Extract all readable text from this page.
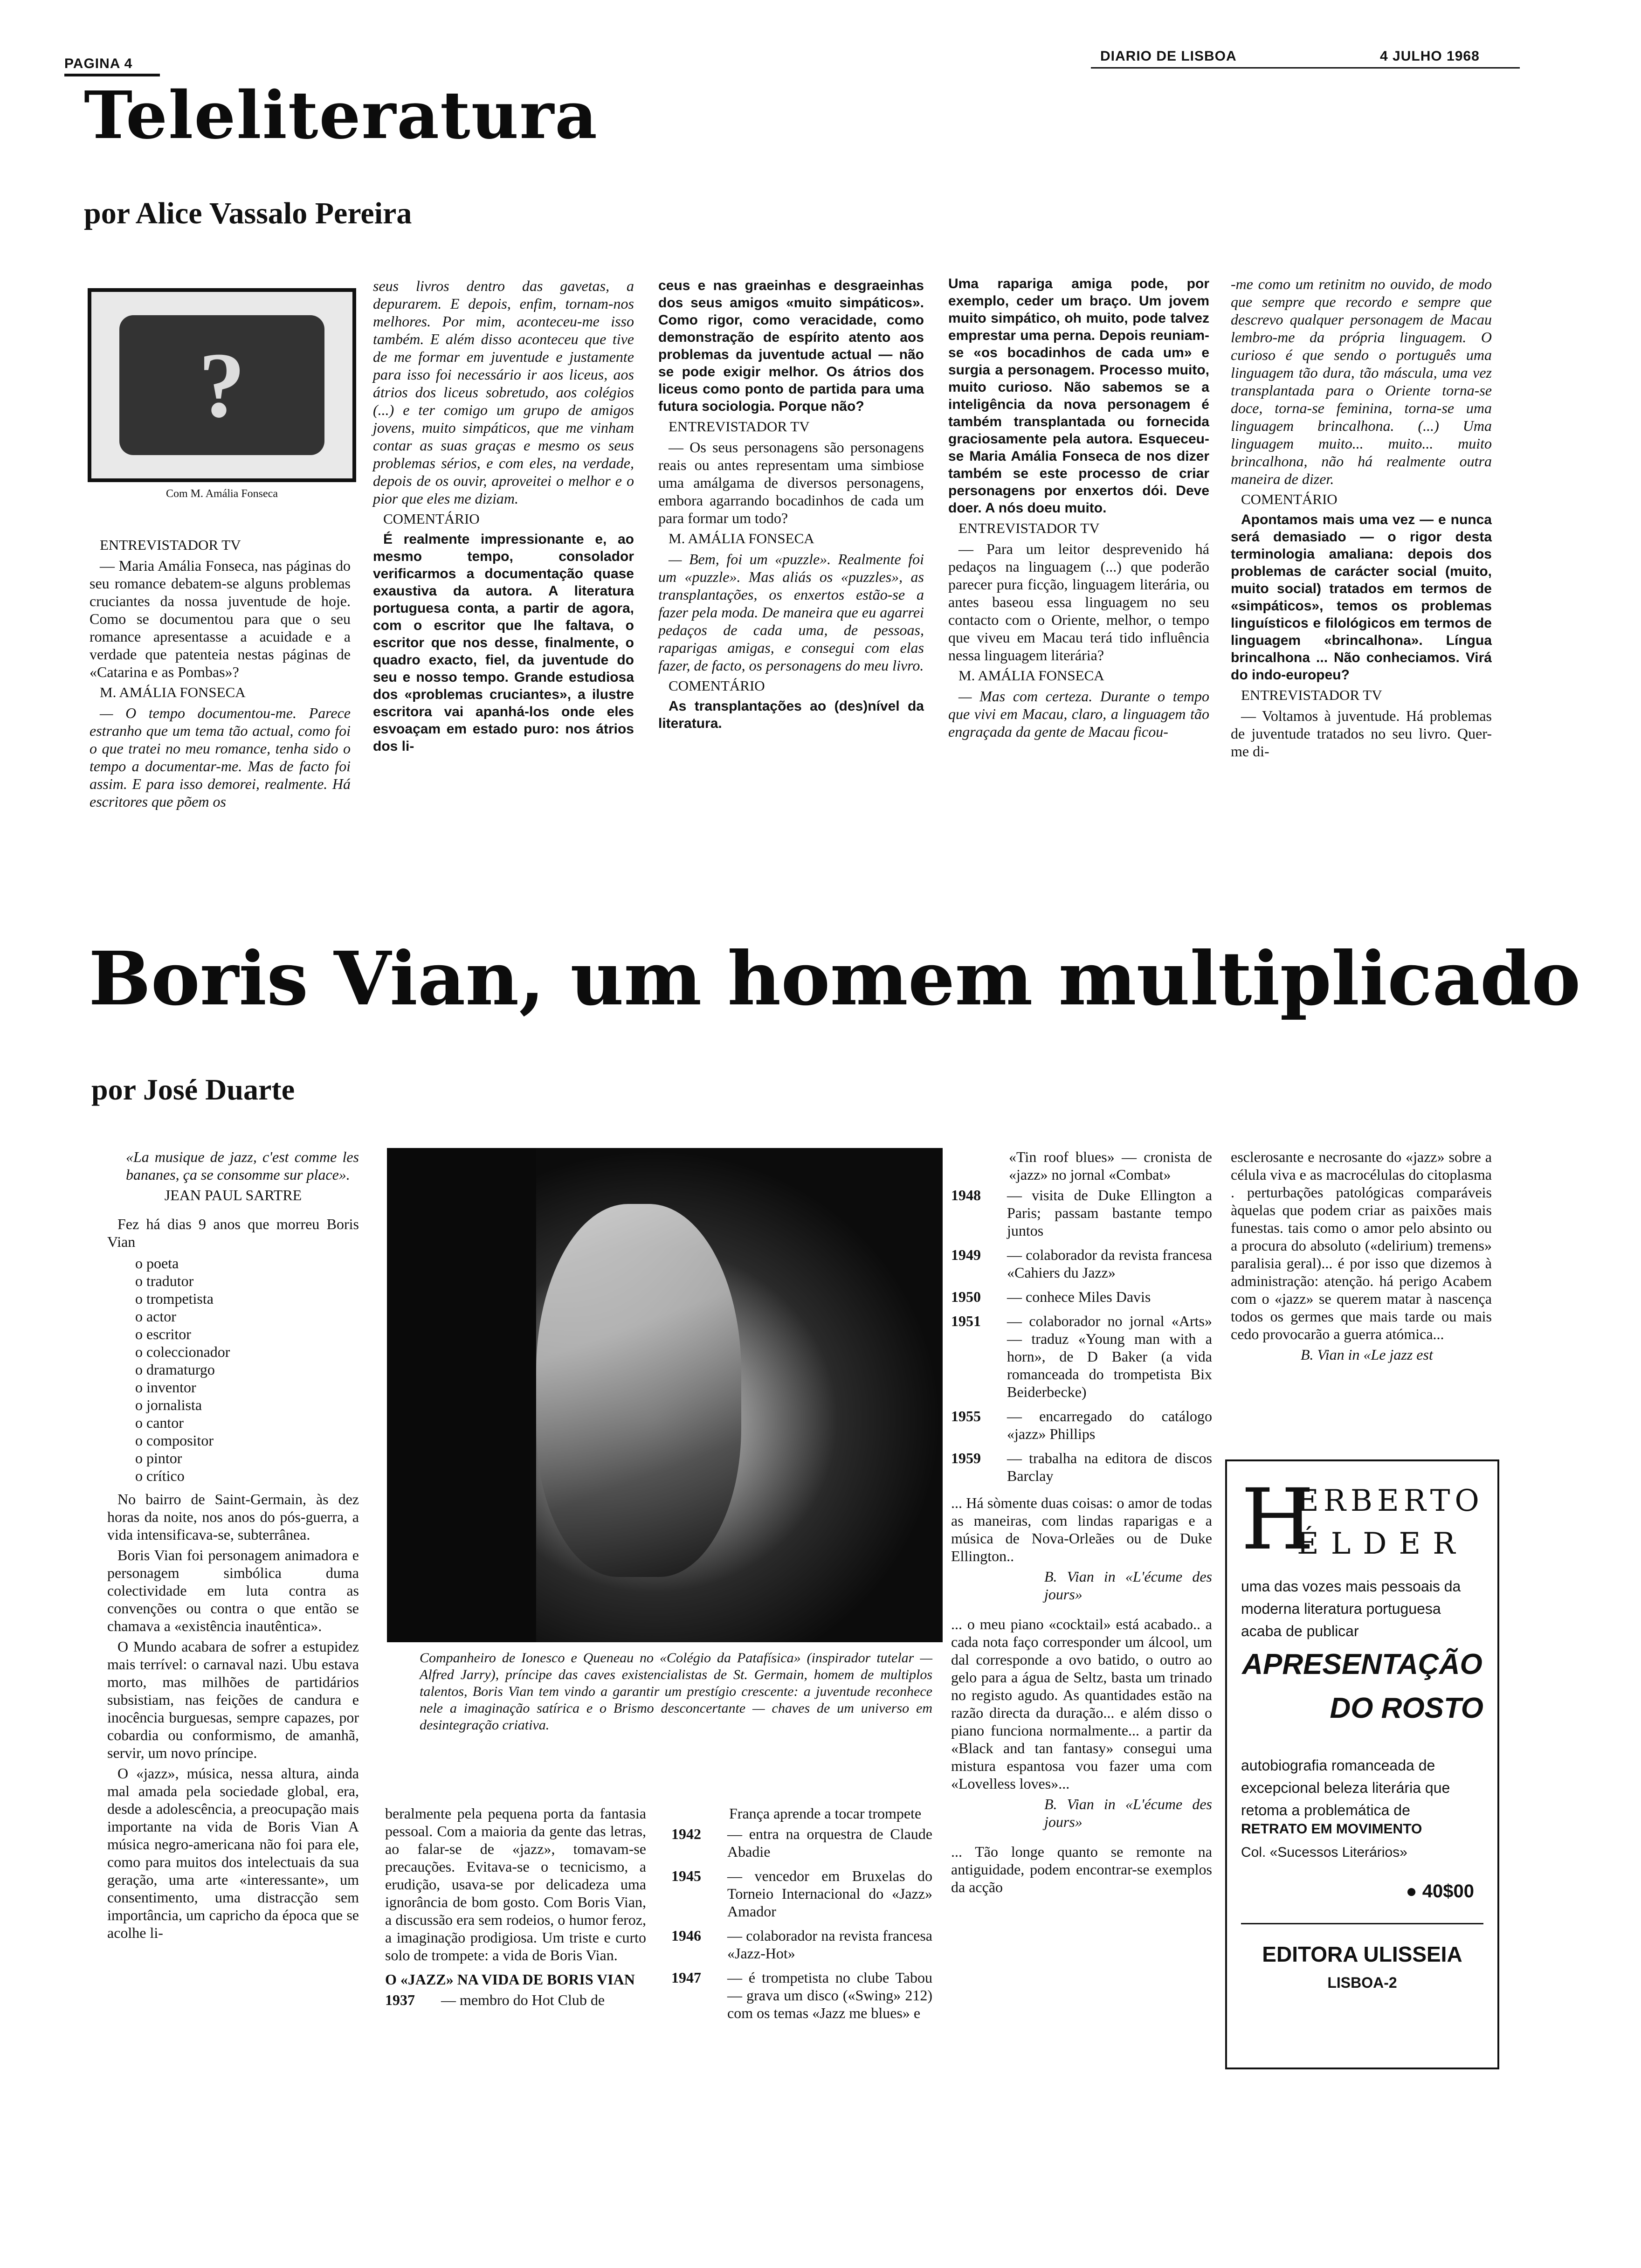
PAGINA 4	DIARIO DE LISBOA	4 JULHO 1968
Teleliteratura
por Alice Vassalo Pereira
?
Com M. Amália Fonseca

ENTREVISTADOR TV

— Maria Amália Fonseca, nas páginas do seu romance debatem-se alguns problemas cruciantes da nossa juventude de hoje. Como se documentou para que o seu romance apresentasse a acuidade e a verdade que patenteia nestas páginas de «Catarina e as Pombas»?

M. AMÁLIA FONSECA

— O tempo documentou-me. Parece estranho que um tema tão actual, como foi o que tratei no meu romance, tenha sido o tempo a documentar-me. Mas de facto foi assim. E para isso demorei, realmente. Há escritores que põem os

seus livros dentro das gavetas, a depurarem. E depois, enfim, tornam-nos melhores. Por mim, aconteceu-me isso também. E além disso aconteceu que tive de me formar em juventude e justamente para isso foi necessário ir aos liceus, aos átrios dos liceus sobretudo, aos colégios (...) e ter comigo um grupo de amigos jovens, muito simpáticos, que me vinham contar as suas graças e mesmo os seus problemas sérios, e com eles, na verdade, depois de os ouvir, aproveitei o melhor e o pior que eles me diziam.

COMENTÁRIO

É realmente impressionante e, ao mesmo tempo, consolador verificarmos a documentação quase exaustiva da autora. A literatura portuguesa conta, a partir de agora, com o escritor que lhe faltava, o escritor que nos desse, finalmente, o quadro exacto, fiel, da juventude do seu e nosso tempo. Grande estudiosa dos «problemas cruciantes», a ilustre escritora vai apanhá-los onde eles esvoaçam em estado puro: nos átrios dos li-

ceus e nas graeinhas e desgraeinhas dos seus amigos «muito simpáticos». Como rigor, como veracidade, como demonstração de espírito atento aos problemas da juventude actual — não se pode exigir melhor. Os átrios dos liceus como ponto de partida para uma futura sociologia. Porque não?

ENTREVISTADOR TV

— Os seus personagens são personagens reais ou antes representam uma simbiose uma amálgama de diversos personagens, embora agarrando bocadinhos de cada um para formar um todo?

M. AMÁLIA FONSECA

— Bem, foi um «puzzle». Realmente foi um «puzzle». Mas aliás os «puzzles», as transplantações, os enxertos estão-se a fazer pela moda. De maneira que eu agarrei pedaços de cada uma, de pessoas, raparigas amigas, e consegui com elas fazer, de facto, os personagens do meu livro.

COMENTÁRIO

As transplantações ao (des)nível da literatura.

Uma rapariga amiga pode, por exemplo, ceder um braço. Um jovem muito simpático, oh muito, pode talvez emprestar uma perna. Depois reuniam-se «os bocadinhos de cada um» e surgia a personagem. Processo muito, muito curioso. Não sabemos se a inteligência da nova personagem é também transplantada ou fornecida graciosamente pela autora. Esqueceu-se Maria Amália Fonseca de nos dizer também se este processo de criar personagens por enxertos dói. Deve doer. A nós doeu muito.

ENTREVISTADOR TV

— Para um leitor desprevenido há pedaços na linguagem (...) que poderão parecer pura ficção, linguagem literária, ou antes baseou essa linguagem no seu contacto com o Oriente, melhor, o tempo que viveu em Macau terá tido influência nessa linguagem literária?

M. AMÁLIA FONSECA

— Mas com certeza. Durante o tempo que vivi em Macau, claro, a linguagem tão engraçada da gente de Macau ficou-

-me como um retinitm no ouvido, de modo que sempre que recordo e sempre que descrevo qualquer personagem de Macau lembro-me da própria linguagem. O curioso é que sendo o português uma linguagem tão dura, tão máscula, uma vez transplantada para o Oriente torna-se doce, torna-se feminina, torna-se uma linguagem brincalhona. (...) Uma linguagem muito... muito... muito brincalhona, não há realmente outra maneira de dizer.

COMENTÁRIO

Apontamos mais uma vez — e nunca será demasiado — o rigor desta terminologia amaliana: depois dos problemas de carácter social (muito, muito social) tratados em termos de «simpáticos», temos os problemas linguísticos e filológicos em termos de linguagem «brincalhona». Língua brincalhona ... Não conheciamos. Virá do indo-europeu?

ENTREVISTADOR TV

— Voltamos à juventude. Há problemas de juventude tratados no seu livro. Quer-me di-

Boris Vian, um homem multiplicado
por José Duarte

«La musique de jazz, c'est comme les bananes, ça se consomme sur place».

JEAN PAUL SARTRE

Fez há dias 9 anos que morreu Boris Vian

o poeta
o tradutor
o trompetista
o actor
o escritor
o coleccionador
o dramaturgo
o inventor
o jornalista
o cantor
o compositor
o pintor
o crítico

No bairro de Saint-Germain, às dez horas da noite, nos anos do pós-guerra, a vida intensificava-se, subterrânea.

Boris Vian foi personagem animadora e personagem simbólica duma colectividade em luta contra as convenções ou contra o que então se chamava a «existência inautêntica».

O Mundo acabara de sofrer a estupidez mais terrível: o carnaval nazi. Ubu estava morto, mas milhões de partidários subsistiam, nas feições de candura e inocência burguesas, sempre capazes, por cobardia ou conformismo, de amanhã, servir, um novo príncipe.

O «jazz», música, nessa altura, ainda mal amada pela sociedade global, era, desde a adolescência, a preocupação mais importante na vida de Boris Vian A música negro-americana não foi para ele, como para muitos dos intelectuais da sua geração, uma arte «interessante», um consentimento, uma distracção sem importância, um capricho da época que se acolhe li-

Companheiro de Ionesco e Queneau no «Colégio da Patafísica» (inspirador tutelar — Alfred Jarry), príncipe das caves existencialistas de St. Germain, homem de multiplos talentos, Boris Vian tem vindo a garantir um prestígio crescente: a juventude reconhece nele a imaginação satírica e o Brismo desconcertante — chaves de um universo em desintegração criativa.

beralmente pela pequena porta da fantasia pessoal. Com a maioria da gente das letras, ao falar-se de «jazz», tomavam-se precauções. Evitava-se o tecnicismo, a erudição, usava-se por delicadeza uma ignorância de bom gosto. Com Boris Vian, a discussão era sem rodeios, o humor feroz, a imaginação prodigiosa. Um triste e curto solo de trompete: a vida de Boris Vian.

O «JAZZ» NA VIDA DE BORIS VIAN

1937	— membro do Hot Club de

França aprende a tocar trompete

1942	— entra na orquestra de Claude Abadie
1945	— vencedor em Bruxelas do Torneio Internacional do «Jazz» Amador
1946	— colaborador na revista francesa «Jazz-Hot»
1947	— é trompetista no clube Tabou — grava um disco («Swing» 212) com os temas «Jazz me blues» e

«Tin roof blues» — cronista de «jazz» no jornal «Combat»

1948	— visita de Duke Ellington a Paris; passam bastante tempo juntos
1949	— colaborador da revista francesa «Cahiers du Jazz»
1950	— conhece Miles Davis
1951	— colaborador no jornal «Arts» — traduz «Young man with a horn», de D Baker (a vida romanceada do trompetista Bix Beiderbecke)
1955	— encarregado do catálogo «jazz» Phillips
1959	— trabalha na editora de discos Barclay

... Há sòmente duas coisas: o amor de todas as maneiras, com lindas raparigas e a música de Nova-Orleães ou de Duke Ellington..

B. Vian in «L'écume des jours»

... o meu piano «cocktail» está acabado.. a cada nota faço corresponder um álcool, um dal corresponde a ovo batido, o outro ao gelo para a água de Seltz, basta um trinado no registo agudo. As quantidades estão na razão directa da duração... e além disso o piano funciona normalmente... a partir da «Black and tan fantasy» consegui uma mistura espantosa vou fazer uma com «Lovelless loves»...

B. Vian in «L'écume des jours»

... Tão longe quanto se remonte na antiguidade, podem encontrar-se exemplos da acção

esclerosante e necrosante do «jazz» sobre a célula viva e as macrocélulas do citoplasma . perturbações patológicas comparáveis àquelas que podem criar as paixões mais funestas. tais como o amor pelo absinto ou a procura do absoluto («delirium) tremens» paralisia geral)... é por isso que dizemos à administração: atenção. há perigo Acabem com o «jazz» se querem matar à nascença todos os germes que mais tarde ou mais cedo provocarão a guerra atómica...

B. Vian in «Le jazz est

H
ERBERTO
ÉLDER
uma das vozes mais pessoais da moderna literatura portuguesa acaba de publicar
APRESENTAÇÃO
DO ROSTO
autobiografia romanceada de excepcional beleza literária que retoma a problemática de
RETRATO EM MOVIMENTO
Col. «Sucessos Literários»
● 40$00
EDITORA ULISSEIA
LISBOA-2
